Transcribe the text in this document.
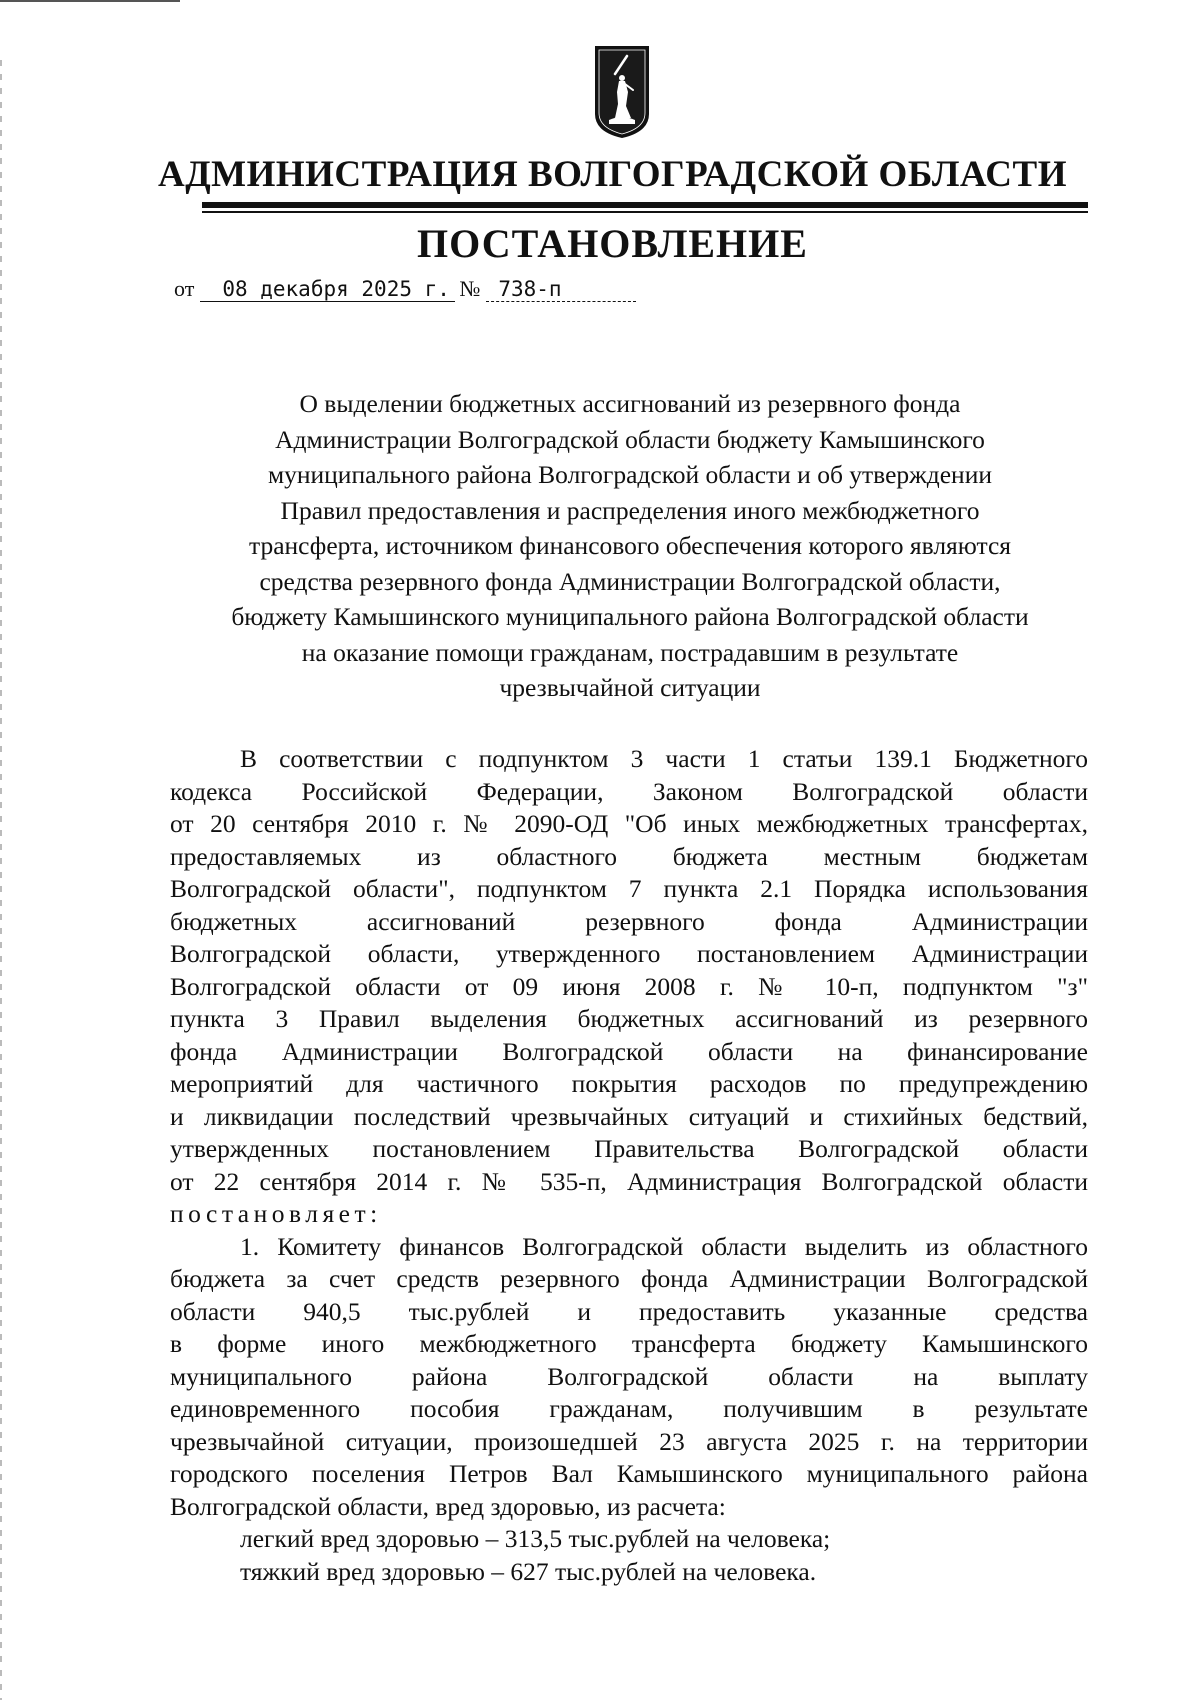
АДМИНИСТРАЦИЯ ВОЛГОГРАДСКОЙ ОБЛАСТИ
ПОСТАНОВЛЕНИЕ
от	08 декабря 2025 г. № 738-п
О выделении бюджетных ассигнований из резервного фонда
Администрации Волгоградской области бюджету Камышинского
муниципального района Волгоградской области и об утверждении
Правил предоставления и распределения иного межбюджетного
трансферта, источником финансового обеспечения которого являются
средства резервного фонда Администрации Волгоградской области,
бюджету Камышинского муниципального района Волгоградской области
на оказание помощи гражданам, пострадавшим в результате
чрезвычайной ситуации
В соответствии с подпунктом 3 части 1 статьи 139.1 Бюджетного
кодекса Российской Федерации, Законом Волгоградской области
от 20 сентября 2010 г. № 2090-ОД "Об иных межбюджетных трансфертах,
предоставляемых из областного бюджета местным бюджетам
Волгоградской области", подпунктом 7 пункта 2.1 Порядка использования
бюджетных ассигнований резервного фонда Администрации
Волгоградской области, утвержденного постановлением Администрации
Волгоградской области от 09 июня 2008 г. № 10-п, подпунктом "з"
пункта 3 Правил выделения бюджетных ассигнований из резервного
фонда Администрации Волгоградской области на финансирование
мероприятий для частичного покрытия расходов по предупреждению
и ликвидации последствий чрезвычайных ситуаций и стихийных бедствий,
утвержденных постановлением Правительства Волгоградской области
от 22 сентября 2014 г. № 535-п, Администрация Волгоградской области
постановляет:
1. Комитету финансов Волгоградской области выделить из областного
бюджета за счет средств резервного фонда Администрации Волгоградской
области 940,5 тыс.рублей и предоставить указанные средства
в форме иного межбюджетного трансферта бюджету Камышинского
муниципального района Волгоградской области на выплату
единовременного пособия гражданам, получившим в результате
чрезвычайной ситуации, произошедшей 23 августа 2025 г. на территории
городского поселения Петров Вал Камышинского муниципального района
Волгоградской области, вред здоровью, из расчета:
легкий вред здоровью – 313,5 тыс.рублей на человека;
тяжкий вред здоровью – 627 тыс.рублей на человека.
